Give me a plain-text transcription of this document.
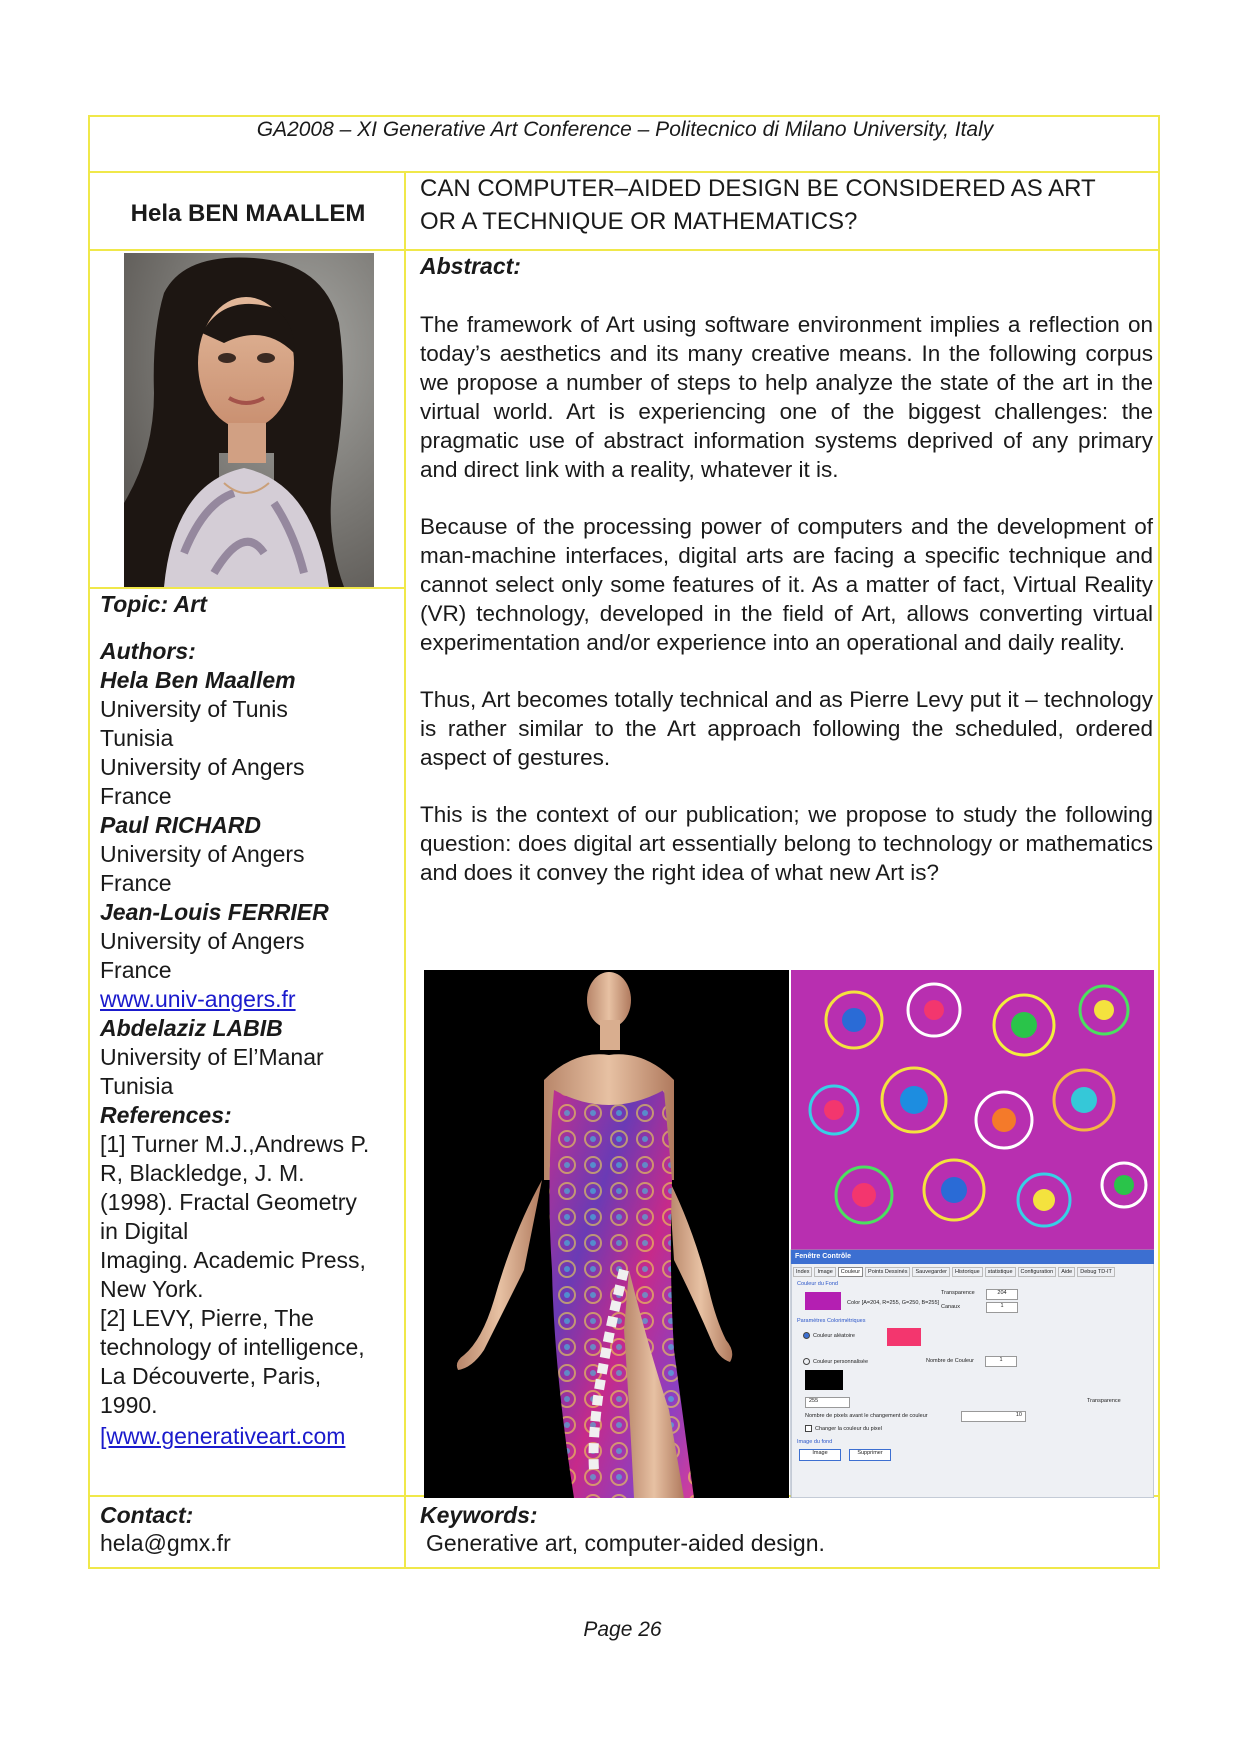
GA2008 – XI Generative Art Conference – Politecnico di Milano University, Italy
Hela BEN MAALLEM
CAN COMPUTER–AIDED DESIGN BE CONSIDERED AS ART
OR A TECHNIQUE OR MATHEMATICS?
Abstract:

The framework of Art using software environment implies a reflection on today’s aesthetics and its many creative means. In the following corpus we propose a number of steps to help analyze the state of the art in the virtual world. Art is experiencing one of the biggest challenges: the pragmatic use of abstract information systems deprived of any primary and direct link with a reality, whatever it is.

Because of the processing power of computers and the development of man-machine interfaces, digital arts are facing a specific technique and cannot select only some features of it. As a matter of fact, Virtual Reality (VR) technology, developed in the field of Art, allows converting virtual experimentation and/or experience into an operational and daily reality.

Thus, Art becomes totally technical and as Pierre Levy put it – technology is rather similar to the Art approach following the scheduled, ordered aspect of gestures.

This is the context of our publication; we propose to study the following question: does digital art essentially belong to technology or mathematics and does it convey the right idea of what new Art is?

Topic: Art
Authors:
Hela Ben Maallem
University of Tunis
Tunisia
University of Angers
France
Paul RICHARD
University of Angers
France
Jean-Louis FERRIER
University of Angers
France
www.univ-angers.fr
Abdelaziz LABIB
University of El’Manar
Tunisia
References:
[1] Turner M.J.,Andrews P.
R, Blackledge, J. M.
(1998). Fractal Geometry
in Digital
Imaging. Academic Press,
New York.
[2] LEVY, Pierre, The
technology of intelligence,
La Découverte, Paris,
1990.
[www.generativeart.com
Fenêtre Contrôle
Index	Image	Couleur	Points Dessinés	Sauvegarder	Historique	statistique	Configuration	Aide	Debug TD-IT
Couleur du Fond
Color [A=204, R=255, G=250, B=255]
Transparence	204
Canaux	1
Paramètres Colorimétriques
Couleur aléatoire
Couleur personnalisée	Nombre de Couleur	1
255	Transparence
Nombre de pixels avant le changement de couleur	10
Changer la couleur du pixel
Image du fond
Image	Supprimer
Contact:
hela@gmx.fr
Keywords:
Generative art, computer-aided design.
Page 26
